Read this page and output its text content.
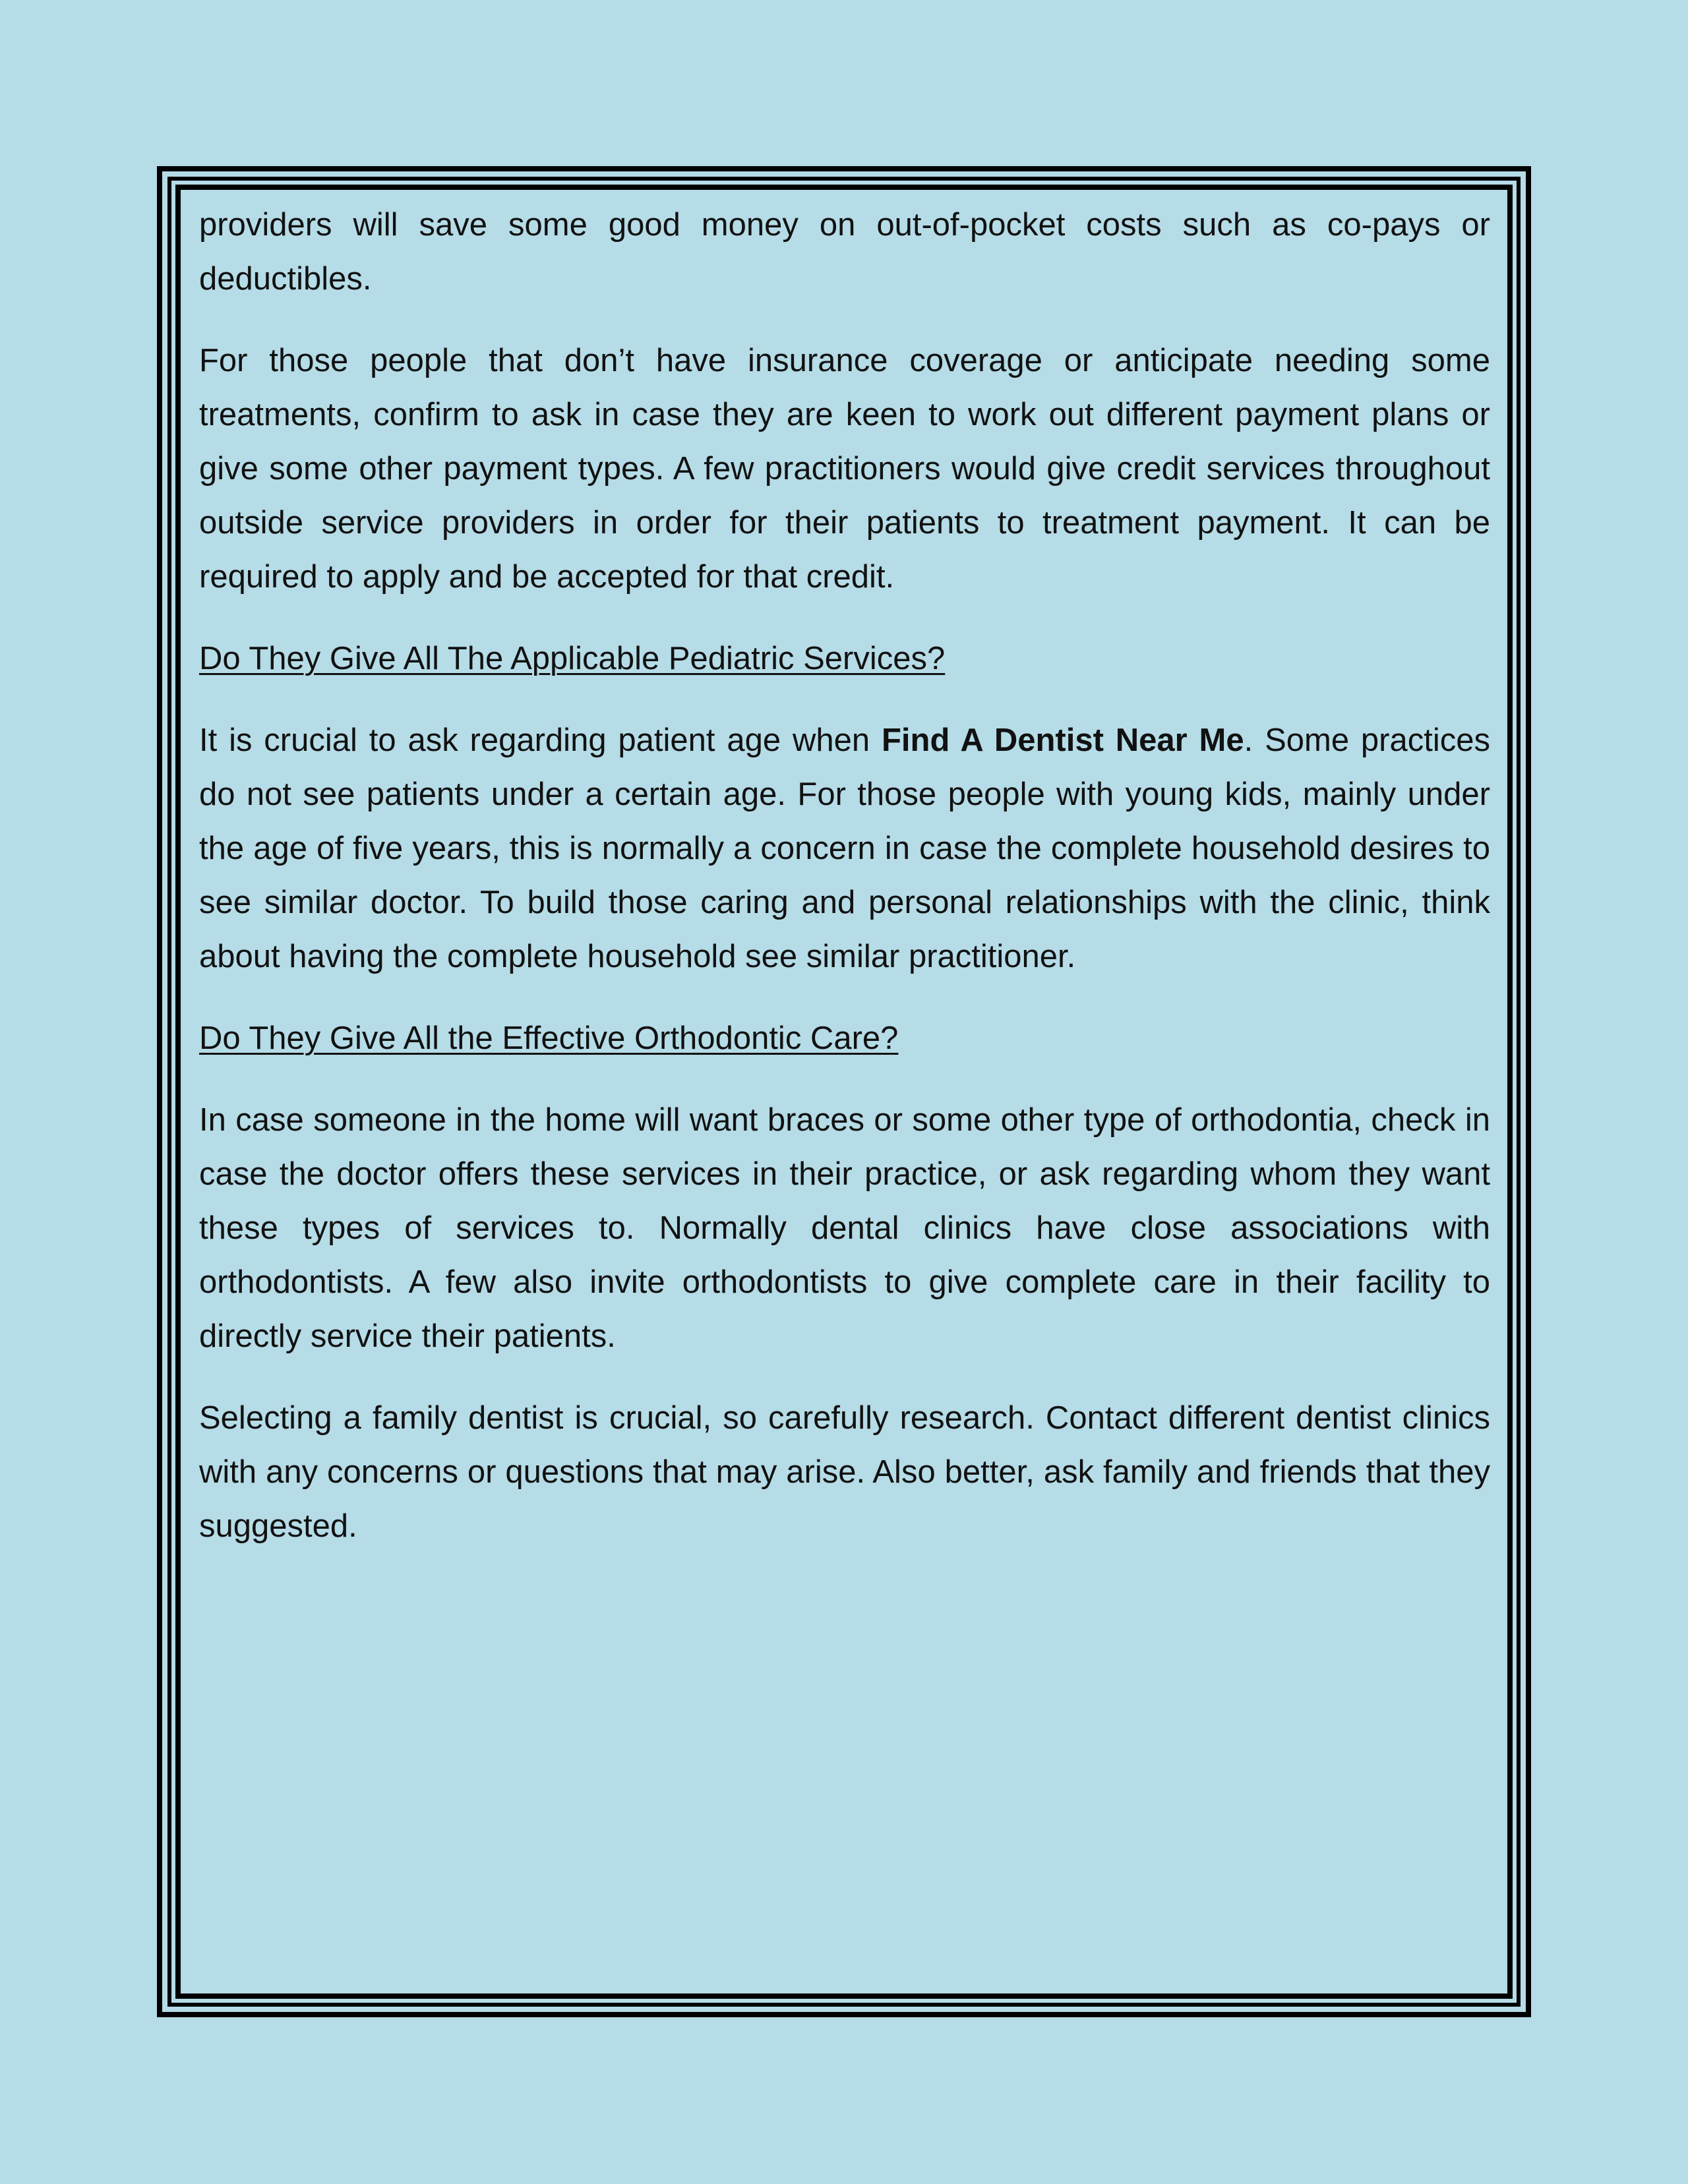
providers will save some good money on out-of-pocket costs such as co-pays or deductibles.

For those people that don’t have insurance coverage or anticipate needing some treatments, confirm to ask in case they are keen to work out different payment plans or give some other payment types. A few practitioners would give credit services throughout outside service providers in order for their patients to treatment payment. It can be required to apply and be accepted for that credit.

Do They Give All The Applicable Pediatric Services?

It is crucial to ask regarding patient age when Find A Dentist Near Me. Some practices do not see patients under a certain age. For those people with young kids, mainly under the age of five years, this is normally a concern in case the complete household desires to see similar doctor. To build those caring and personal relationships with the clinic, think about having the complete household see similar practitioner.

Do They Give All the Effective Orthodontic Care?

In case someone in the home will want braces or some other type of orthodontia, check in case the doctor offers these services in their practice, or ask regarding whom they want these types of services to. Normally dental clinics have close associations with orthodontists. A few also invite orthodontists to give complete care in their facility to directly service their patients.

Selecting a family dentist is crucial, so carefully research. Contact different dentist clinics with any concerns or questions that may arise. Also better, ask family and friends that they suggested.
